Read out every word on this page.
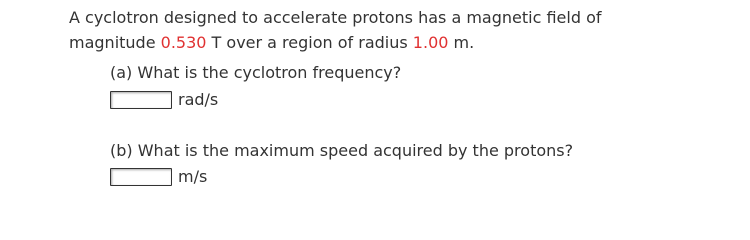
A cyclotron designed to accelerate protons has a magnetic field of
magnitude 0.530 T over a region of radius 1.00 m.
(a) What is the cyclotron frequency?
rad/s
(b) What is the maximum speed acquired by the protons?
m/s
